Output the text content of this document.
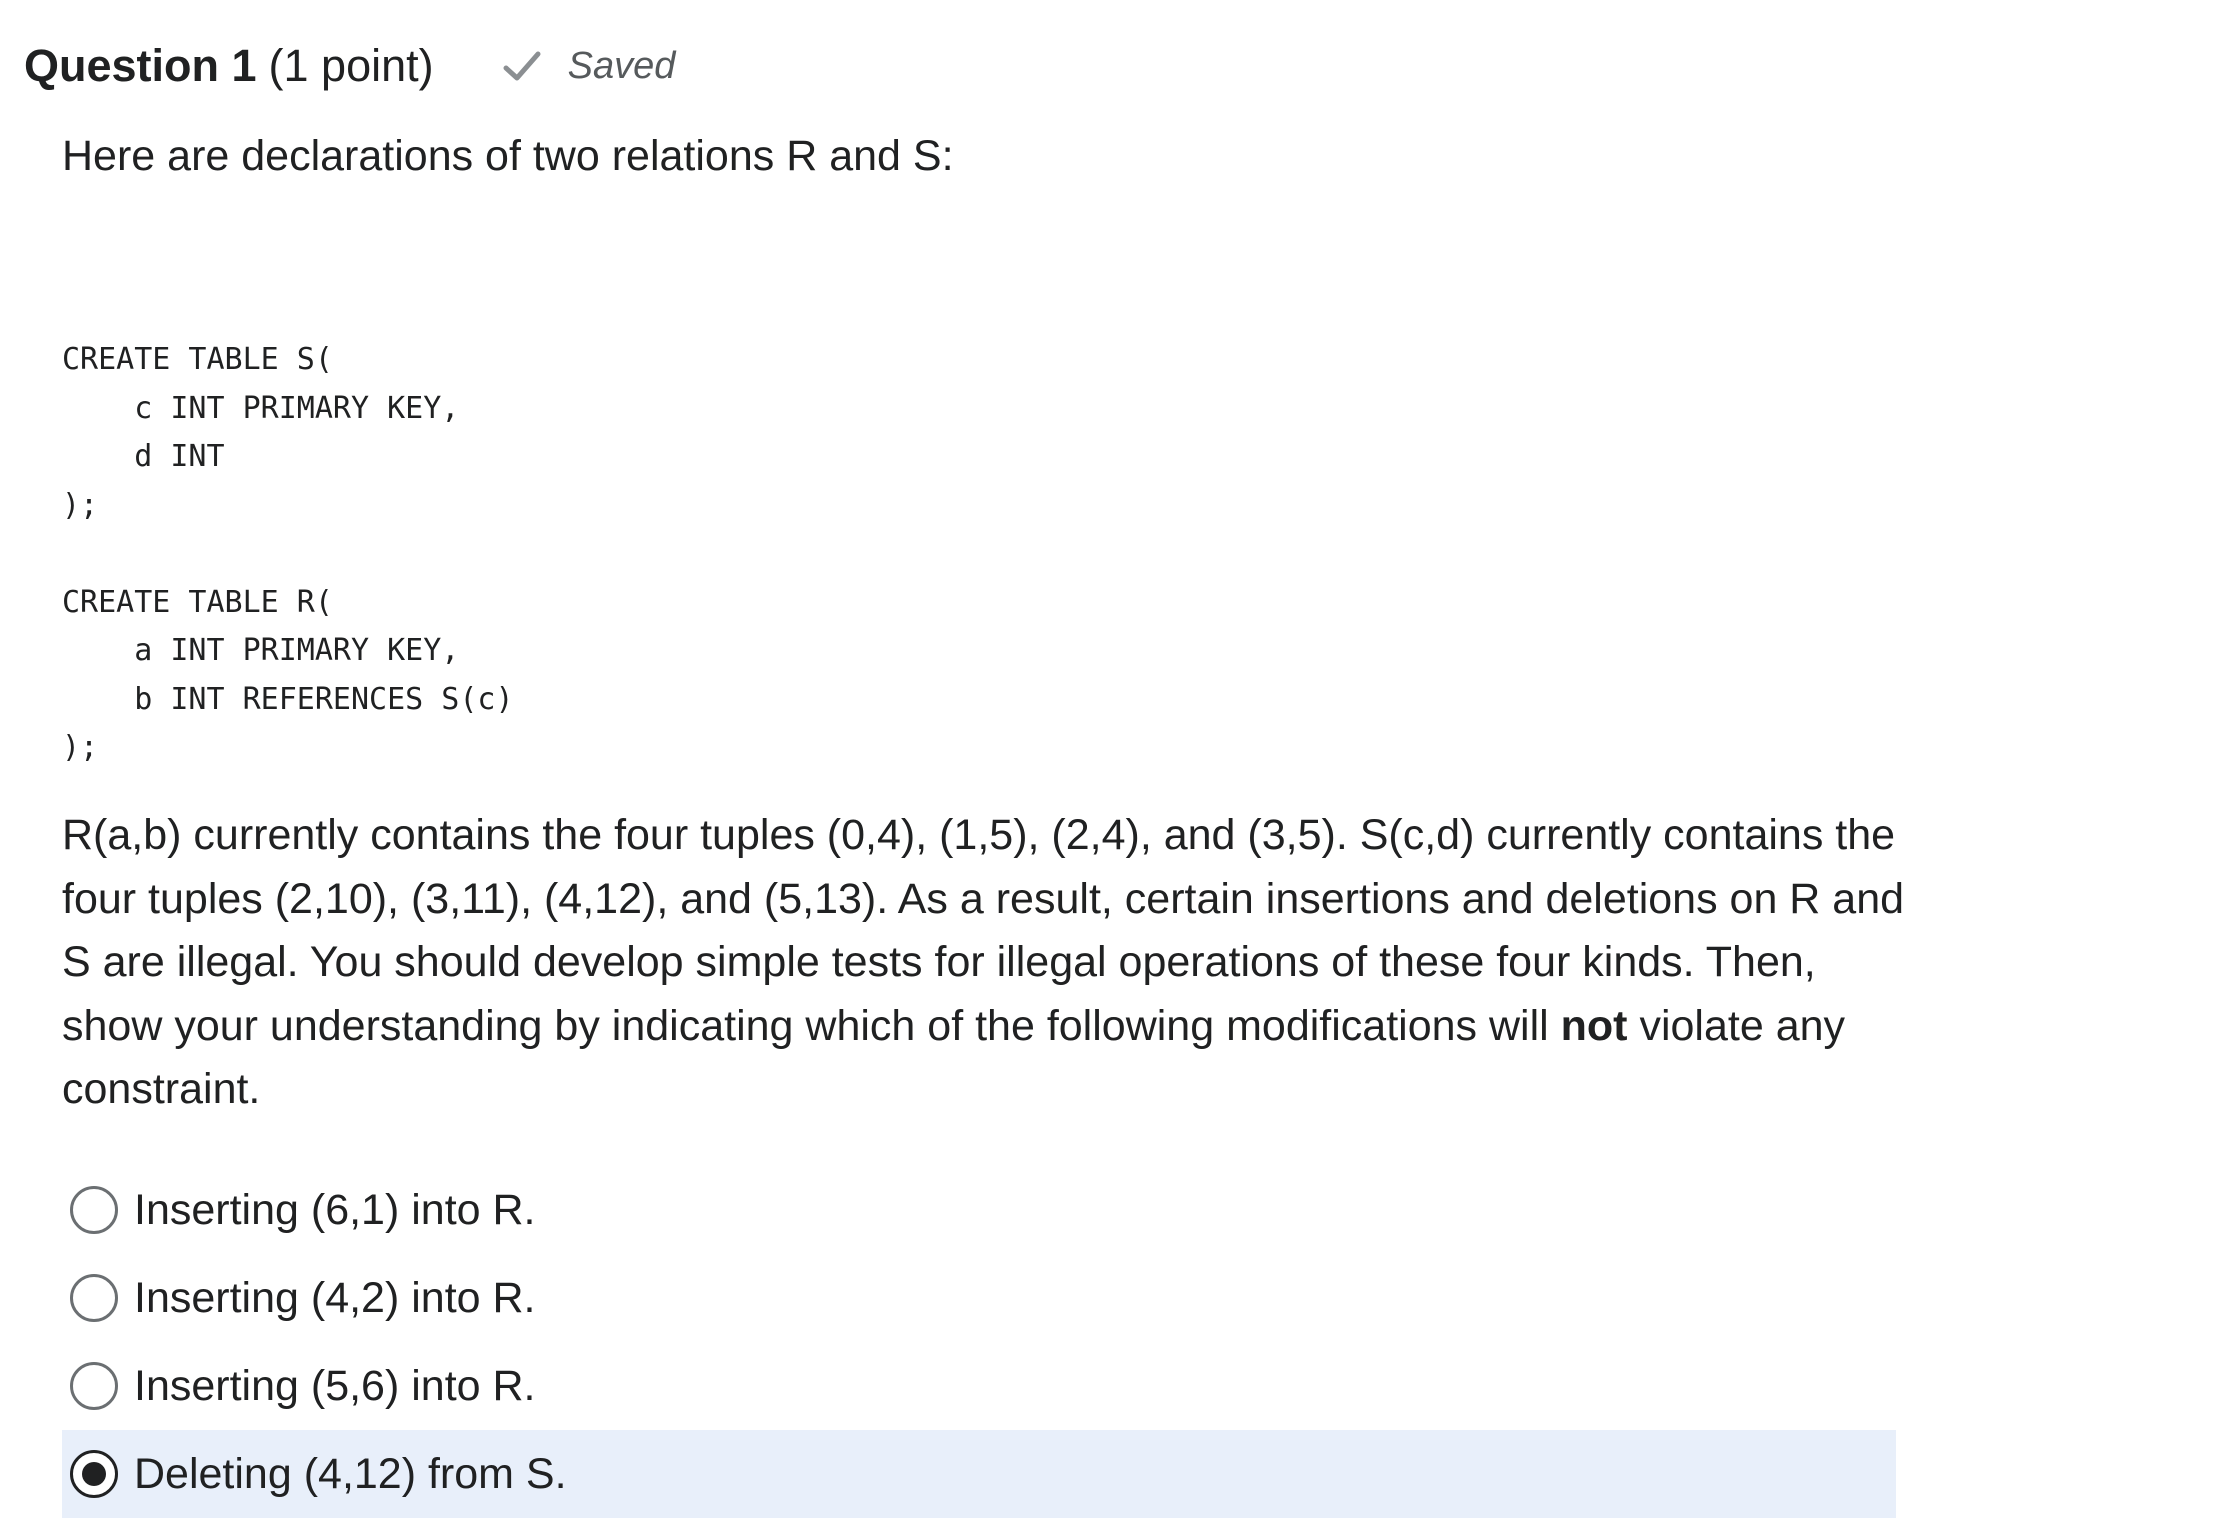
Question 1 (1 point)	Saved
Here are declarations of two relations R and S:
CREATE TABLE S(
c INT PRIMARY KEY,
d INT
);

CREATE TABLE R(
a INT PRIMARY KEY,
b INT REFERENCES S(c)
);
R(a,b) currently contains the four tuples (0,4), (1,5), (2,4), and (3,5). S(c,d) currently contains the four tuples (2,10), (3,11), (4,12), and (5,13). As a result, certain insertions and deletions on R and S are illegal. You should develop simple tests for illegal operations of these four kinds. Then, show your understanding by indicating which of the following modifications will not violate any constraint.
Inserting (6,1) into R.
Inserting (4,2) into R.
Inserting (5,6) into R.
Deleting (4,12) from S.
